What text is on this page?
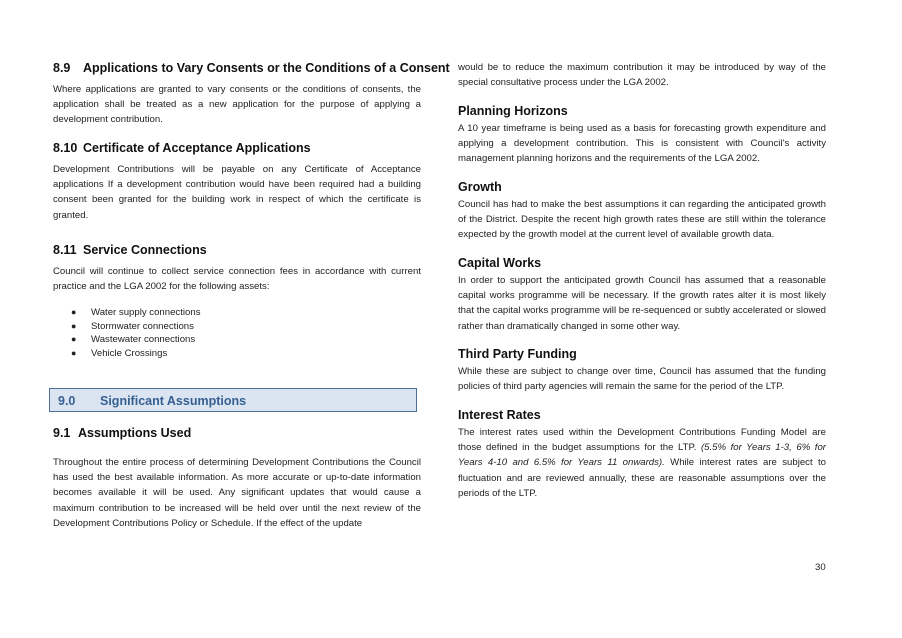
8.9 Applications to Vary Consents or the Conditions of a Consent

Where applications are granted to vary consents or the conditions of consents, the application shall be treated as a new application for the purpose of applying a development contribution.

8.10 Certificate of Acceptance Applications

Development Contributions will be payable on any Certificate of Acceptance applications If a development contribution would have been required had a building consent been granted for the building work in respect of which the certificate is granted.

8.11 Service Connections

Council will continue to collect service connection fees in accordance with current practice and the LGA 2002 for the following assets:

● Water supply connections
● Stormwater connections
● Wastewater connections
● Vehicle Crossings
9.1 Assumptions Used

Throughout the entire process of determining Development Contributions the Council has used the best available information. As more accurate or up-to-date information becomes available it will be used. Any significant updates that would cause a maximum contribution to be increased will be held over until the next review of the Development Contributions Policy or Schedule. If the effect of the update

9.0 Significant Assumptions

would be to reduce the maximum contribution it may be introduced by way of the special consultative process under the LGA 2002.

Planning Horizons

A 10 year timeframe is being used as a basis for forecasting growth expenditure and applying a development contribution. This is consistent with Council’s activity management planning horizons and the requirements of the LGA 2002.

Growth

Council has had to make the best assumptions it can regarding the anticipated growth of the District. Despite the recent high growth rates these are still within the tolerance expected by the growth model at the current level of available growth data.

Capital Works

In order to support the anticipated growth Council has assumed that a reasonable capital works programme will be necessary. If the growth rates alter it is most likely that the capital works programme will be re-sequenced or subtly accelerated or slowed rather than dramatically changed in some other way.

Third Party Funding

While these are subject to change over time, Council has assumed that the funding policies of third party agencies will remain the same for the period of the LTP.

Interest Rates

The interest rates used within the Development Contributions Funding Model are those defined in the budget assumptions for the LTP. (5.5% for Years 1-3, 6% for Years 4-10 and 6.5% for Years 11 onwards). While interest rates are subject to fluctuation and are reviewed annually, these are reasonable assumptions over the periods of the LTP.

30
